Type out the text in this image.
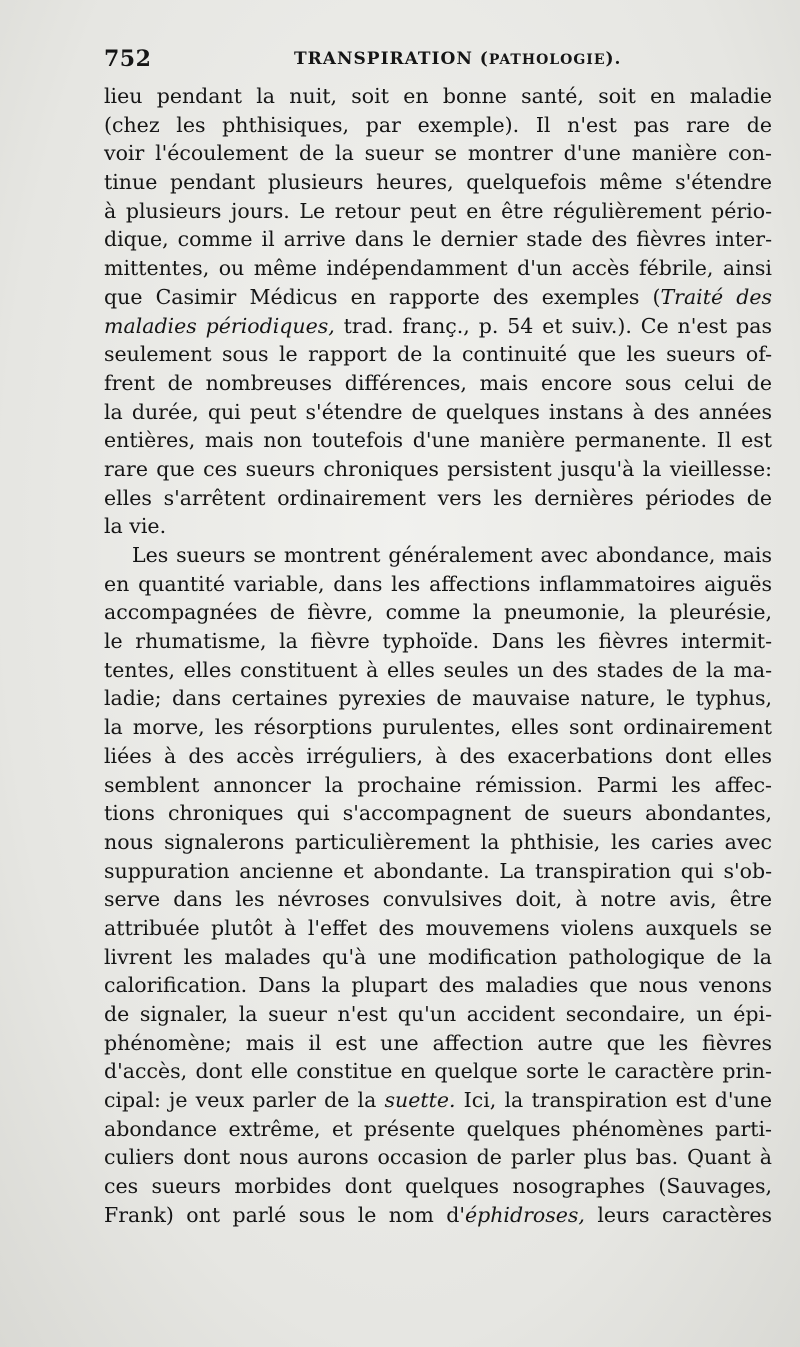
752	TRANSPIRATION (PATHOLOGIE).
lieu pendant la nuit, soit en bonne santé, soit en maladie
(chez les phthisiques, par exemple). Il n'est pas rare de
voir l'écoulement de la sueur se montrer d'une manière con-
tinue pendant plusieurs heures, quelquefois même s'étendre
à plusieurs jours. Le retour peut en être régulièrement pério-
dique, comme il arrive dans le dernier stade des fièvres inter-
mittentes, ou même indépendamment d'un accès fébrile, ainsi
que Casimir Médicus en rapporte des exemples (Traité des
maladies périodiques, trad. franç., p. 54 et suiv.). Ce n'est pas
seulement sous le rapport de la continuité que les sueurs of-
frent de nombreuses différences, mais encore sous celui de
la durée, qui peut s'étendre de quelques instans à des années
entières, mais non toutefois d'une manière permanente. Il est
rare que ces sueurs chroniques persistent jusqu'à la vieillesse:
elles s'arrêtent ordinairement vers les dernières périodes de
la vie.
Les sueurs se montrent généralement avec abondance, mais
en quantité variable, dans les affections inflammatoires aiguës
accompagnées de fièvre, comme la pneumonie, la pleurésie,
le rhumatisme, la fièvre typhoïde. Dans les fièvres intermit-
tentes, elles constituent à elles seules un des stades de la ma-
ladie; dans certaines pyrexies de mauvaise nature, le typhus,
la morve, les résorptions purulentes, elles sont ordinairement
liées à des accès irréguliers, à des exacerbations dont elles
semblent annoncer la prochaine rémission. Parmi les affec-
tions chroniques qui s'accompagnent de sueurs abondantes,
nous signalerons particulièrement la phthisie, les caries avec
suppuration ancienne et abondante. La transpiration qui s'ob-
serve dans les névroses convulsives doit, à notre avis, être
attribuée plutôt à l'effet des mouvemens violens auxquels se
livrent les malades qu'à une modification pathologique de la
calorification. Dans la plupart des maladies que nous venons
de signaler, la sueur n'est qu'un accident secondaire, un épi-
phénomène; mais il est une affection autre que les fièvres
d'accès, dont elle constitue en quelque sorte le caractère prin-
cipal: je veux parler de la suette. Ici, la transpiration est d'une
abondance extrême, et présente quelques phénomènes parti-
culiers dont nous aurons occasion de parler plus bas. Quant à
ces sueurs morbides dont quelques nosographes (Sauvages,
Frank) ont parlé sous le nom d'éphidroses, leurs caractères
